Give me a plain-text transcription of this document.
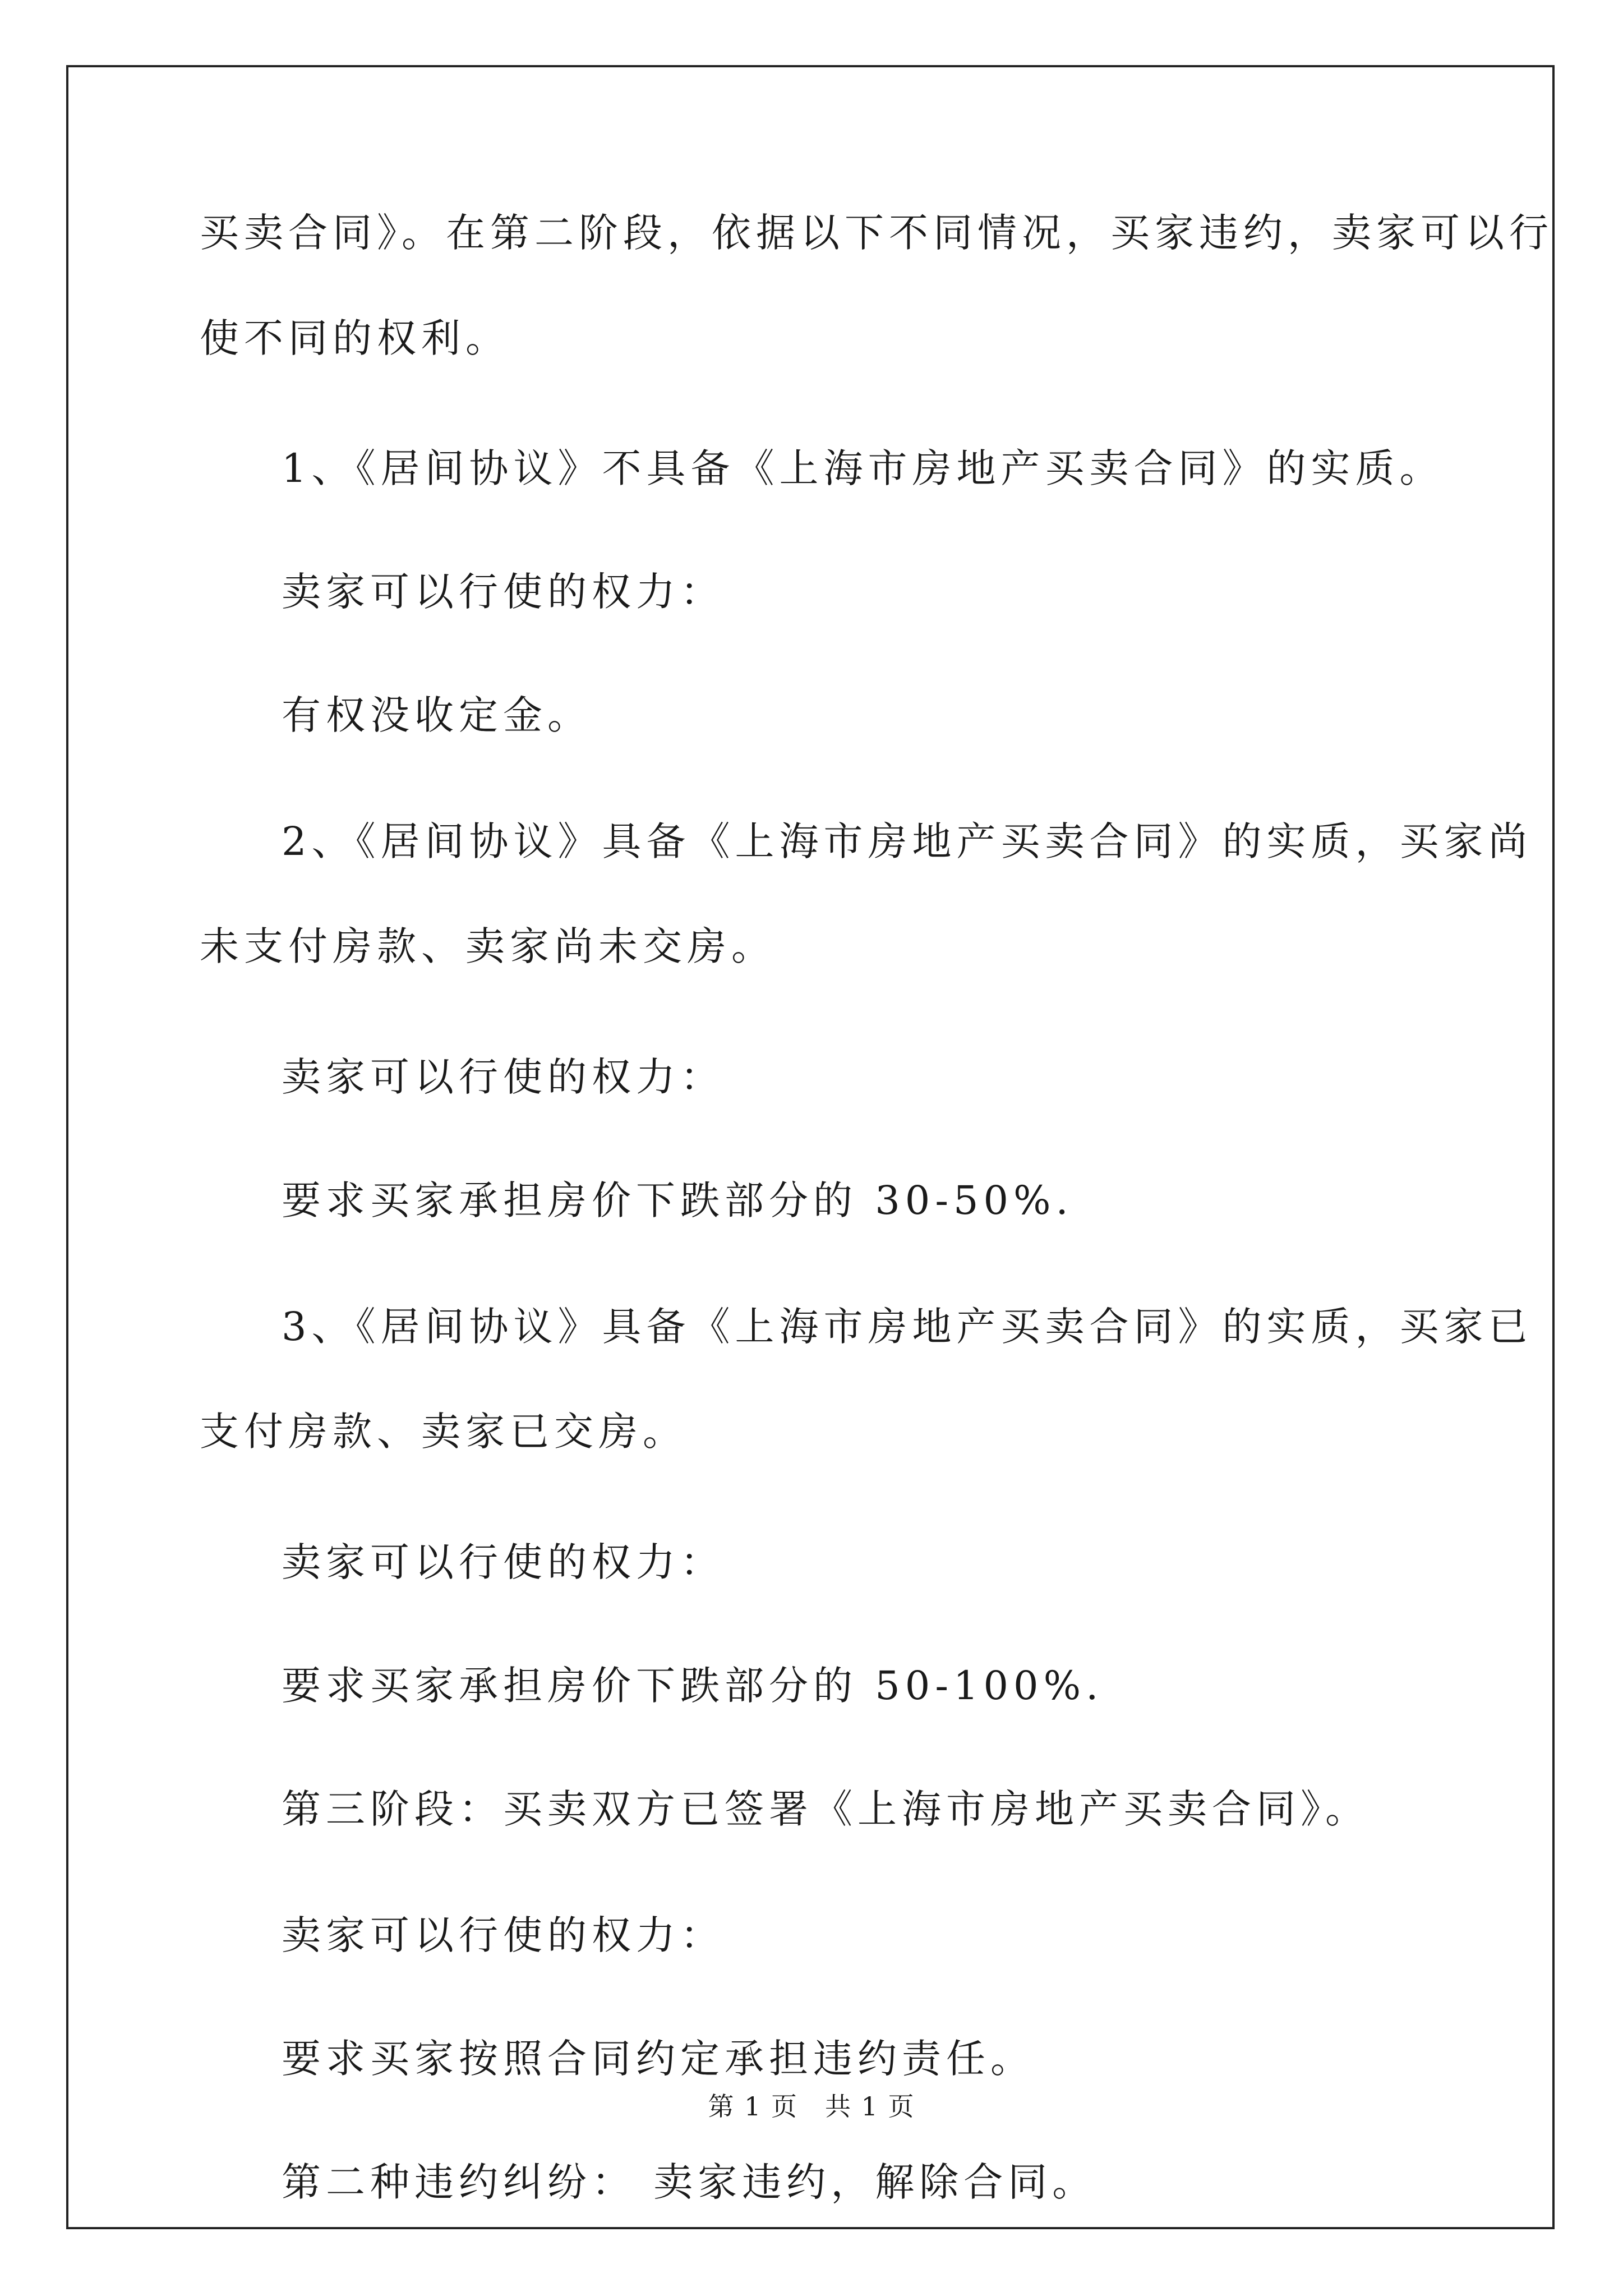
买卖合同》。在第二阶段，依据以下不同情况，买家违约，卖家可以行
使不同的权利。
1、《居间协议》不具备《上海市房地产买卖合同》的实质。
卖家可以行使的权力：
有权没收定金。
2、《居间协议》具备《上海市房地产买卖合同》的实质，买家尚
未支付房款、卖家尚未交房。
卖家可以行使的权力：
要求买家承担房价下跌部分的 30-50%.
3、《居间协议》具备《上海市房地产买卖合同》的实质，买家已
支付房款、卖家已交房。
卖家可以行使的权力：
要求买家承担房价下跌部分的 50-100%.
第三阶段：买卖双方已签署《上海市房地产买卖合同》。
卖家可以行使的权力：
要求买家按照合同约定承担违约责任。
第二种违约纠纷： 卖家违约，解除合同。
第 1 页　共 1 页
